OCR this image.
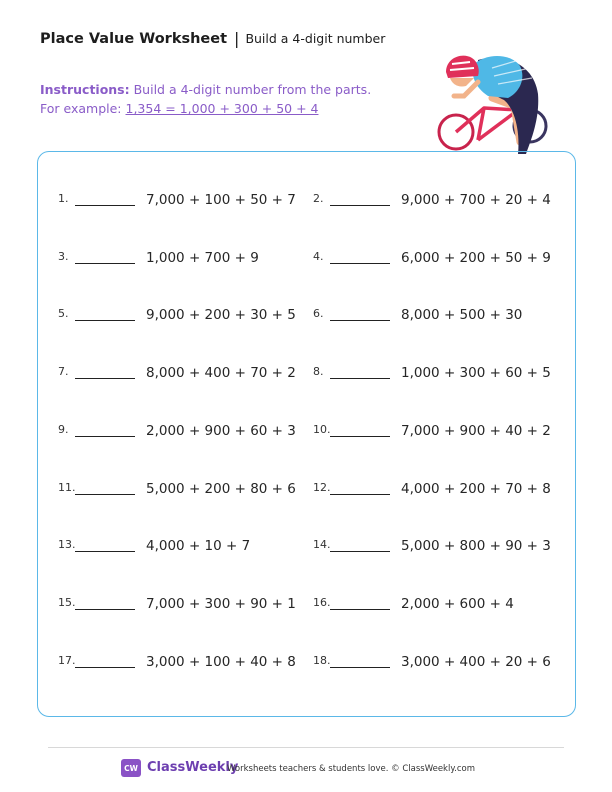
Place Value Worksheet | Build a 4-digit number
Instructions: Build a 4-digit number from the parts.
For example: 1,354 = 1,000 + 300 + 50 + 4
1.	7,000 + 100 + 50 + 7 2.	9,000 + 700 + 20 + 4
3.	1,000 + 700 + 9	4.	6,000 + 200 + 50 + 9
5.	9,000 + 200 + 30 + 5 6.	8,000 + 500 + 30
7.	8,000 + 400 + 70 + 2 8.	1,000 + 300 + 60 + 5
9.	2,000 + 900 + 60 + 3 10.	7,000 + 900 + 40 + 2
11.	5,000 + 200 + 80 + 6 12.	4,000 + 200 + 70 + 8
13.	4,000 + 10 + 7	14.	5,000 + 800 + 90 + 3
15.	7,000 + 300 + 90 + 1 16.	2,000 + 600 + 4
17.	3,000 + 100 + 40 + 8 18.	3,000 + 400 + 20 + 6
CW ClassWeekly
Worksheets teachers & students love. © ClassWeekly.com
